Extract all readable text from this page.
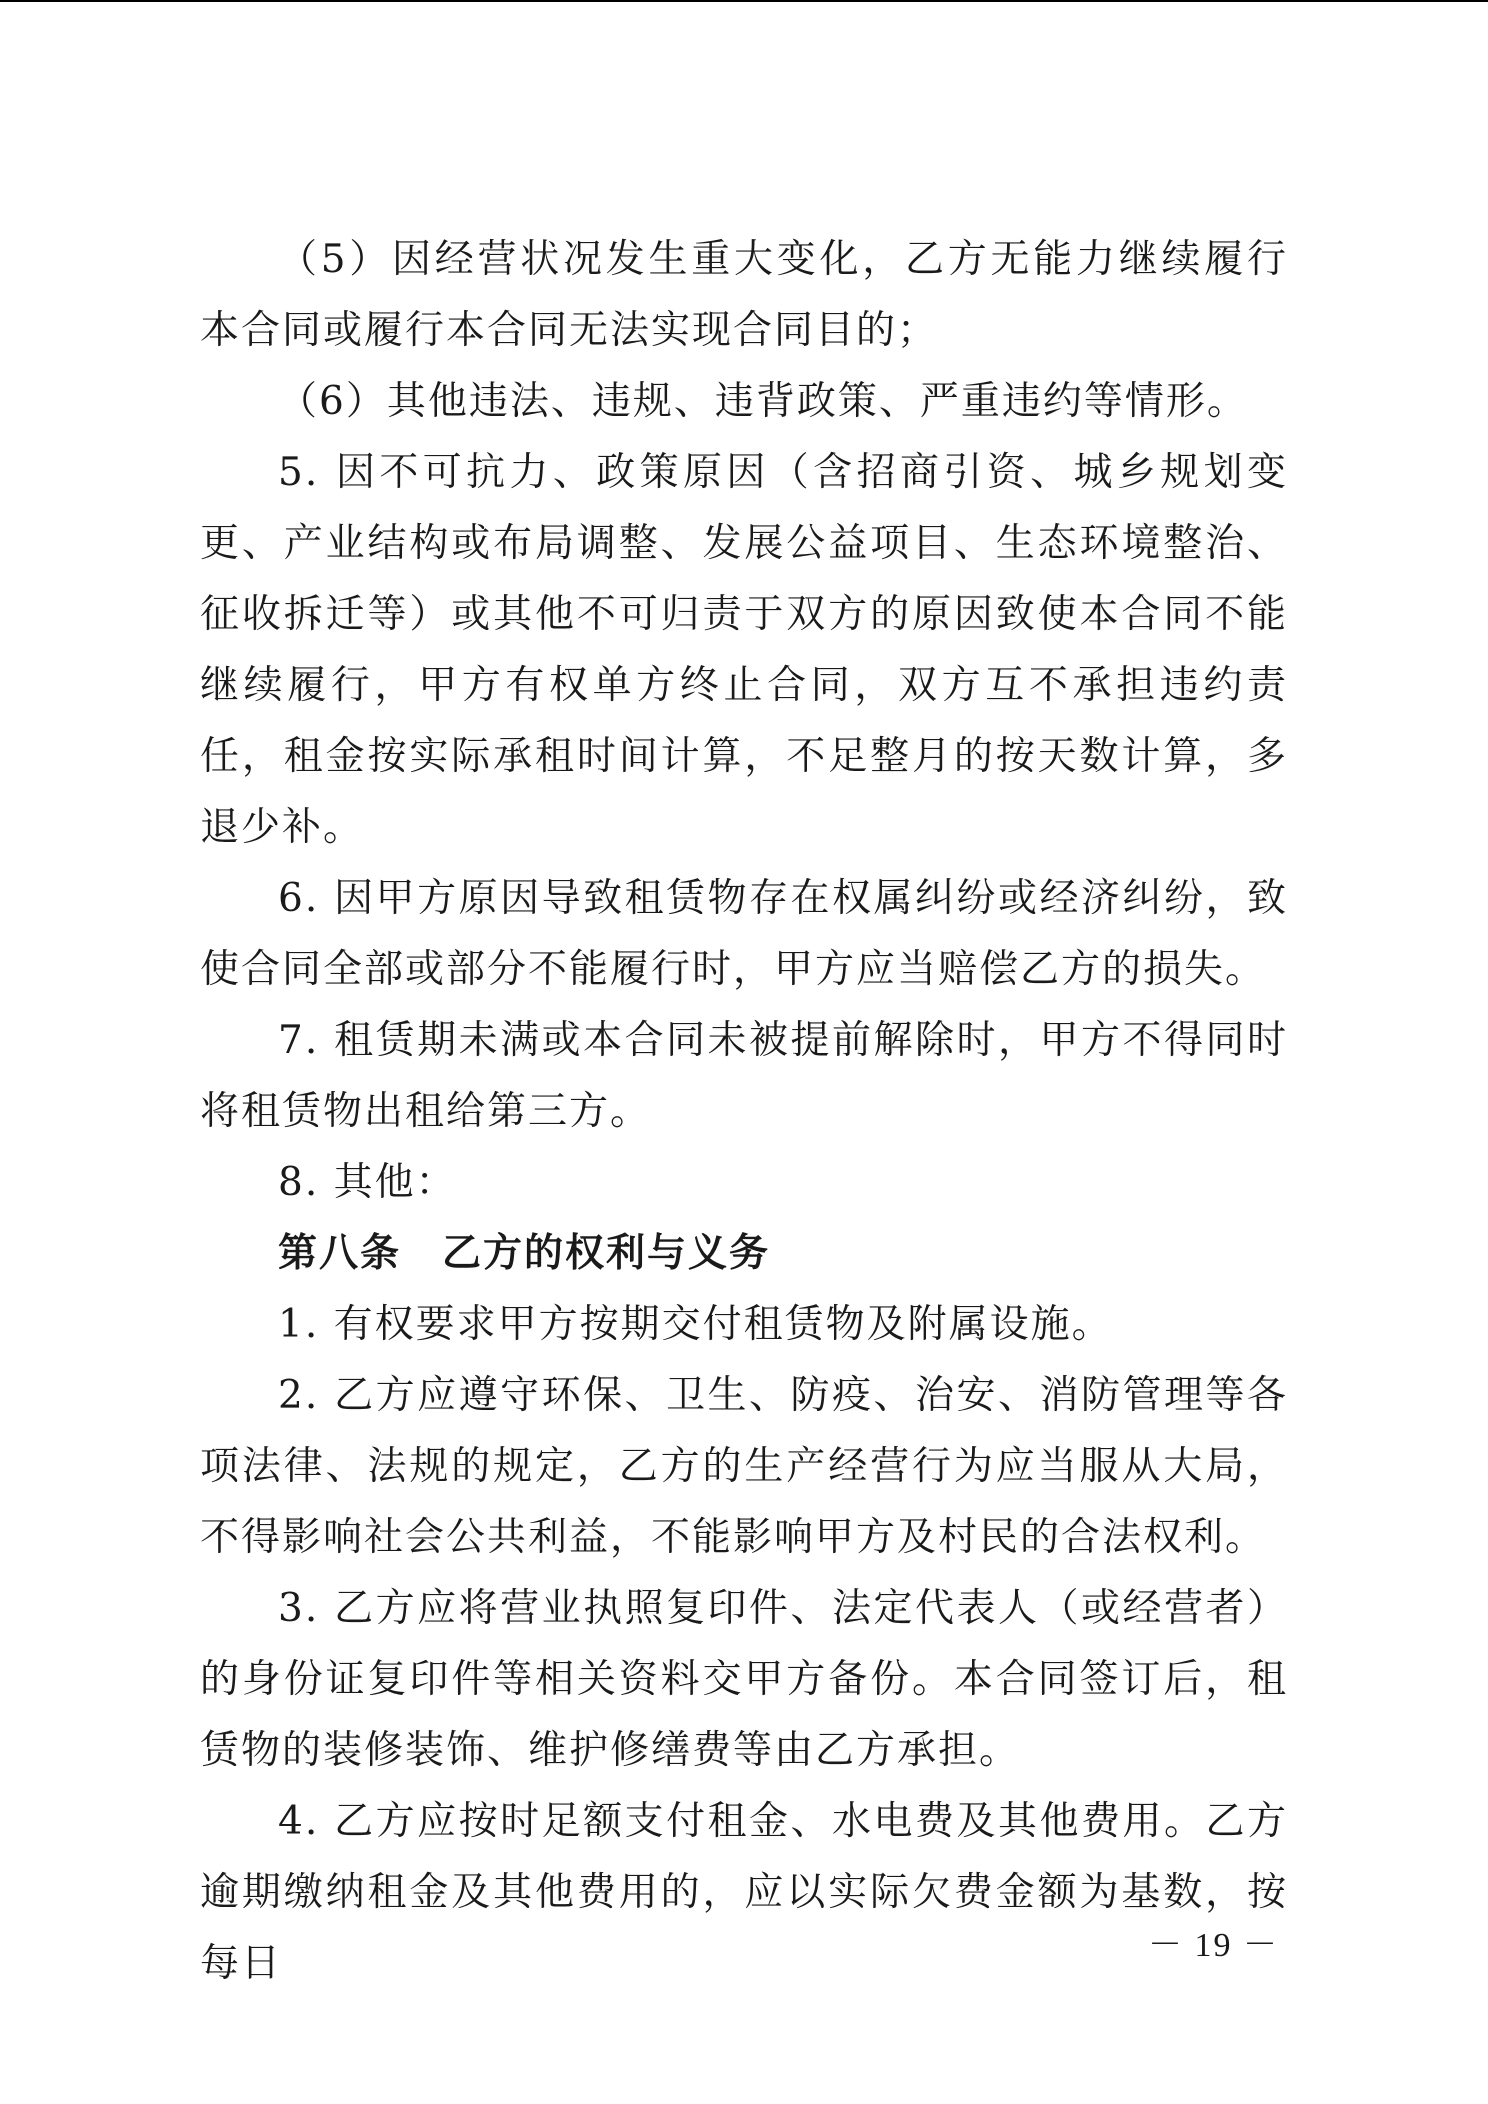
（5）因经营状况发生重大变化，乙方无能力继续履行本合同或履行本合同无法实现合同目的；

（6）其他违法、违规、违背政策、严重违约等情形。

5. 因不可抗力、政策原因（含招商引资、城乡规划变更、产业结构或布局调整、发展公益项目、生态环境整治、征收拆迁等）或其他不可归责于双方的原因致使本合同不能继续履行，甲方有权单方终止合同，双方互不承担违约责任，租金按实际承租时间计算，不足整月的按天数计算，多退少补。

6. 因甲方原因导致租赁物存在权属纠纷或经济纠纷，致使合同全部或部分不能履行时，甲方应当赔偿乙方的损失。

7. 租赁期未满或本合同未被提前解除时，甲方不得同时将租赁物出租给第三方。

8. 其他：

第八条　乙方的权利与义务

1. 有权要求甲方按期交付租赁物及附属设施。

2. 乙方应遵守环保、卫生、防疫、治安、消防管理等各项法律、法规的规定，乙方的生产经营行为应当服从大局，不得影响社会公共利益，不能影响甲方及村民的合法权利。

3. 乙方应将营业执照复印件、法定代表人（或经营者）的身份证复印件等相关资料交甲方备份。本合同签订后，租赁物的装修装饰、维护修缮费等由乙方承担。

4. 乙方应按时足额支付租金、水电费及其他费用。乙方逾期缴纳租金及其他费用的，应以实际欠费金额为基数，按每日	－ 19 －
